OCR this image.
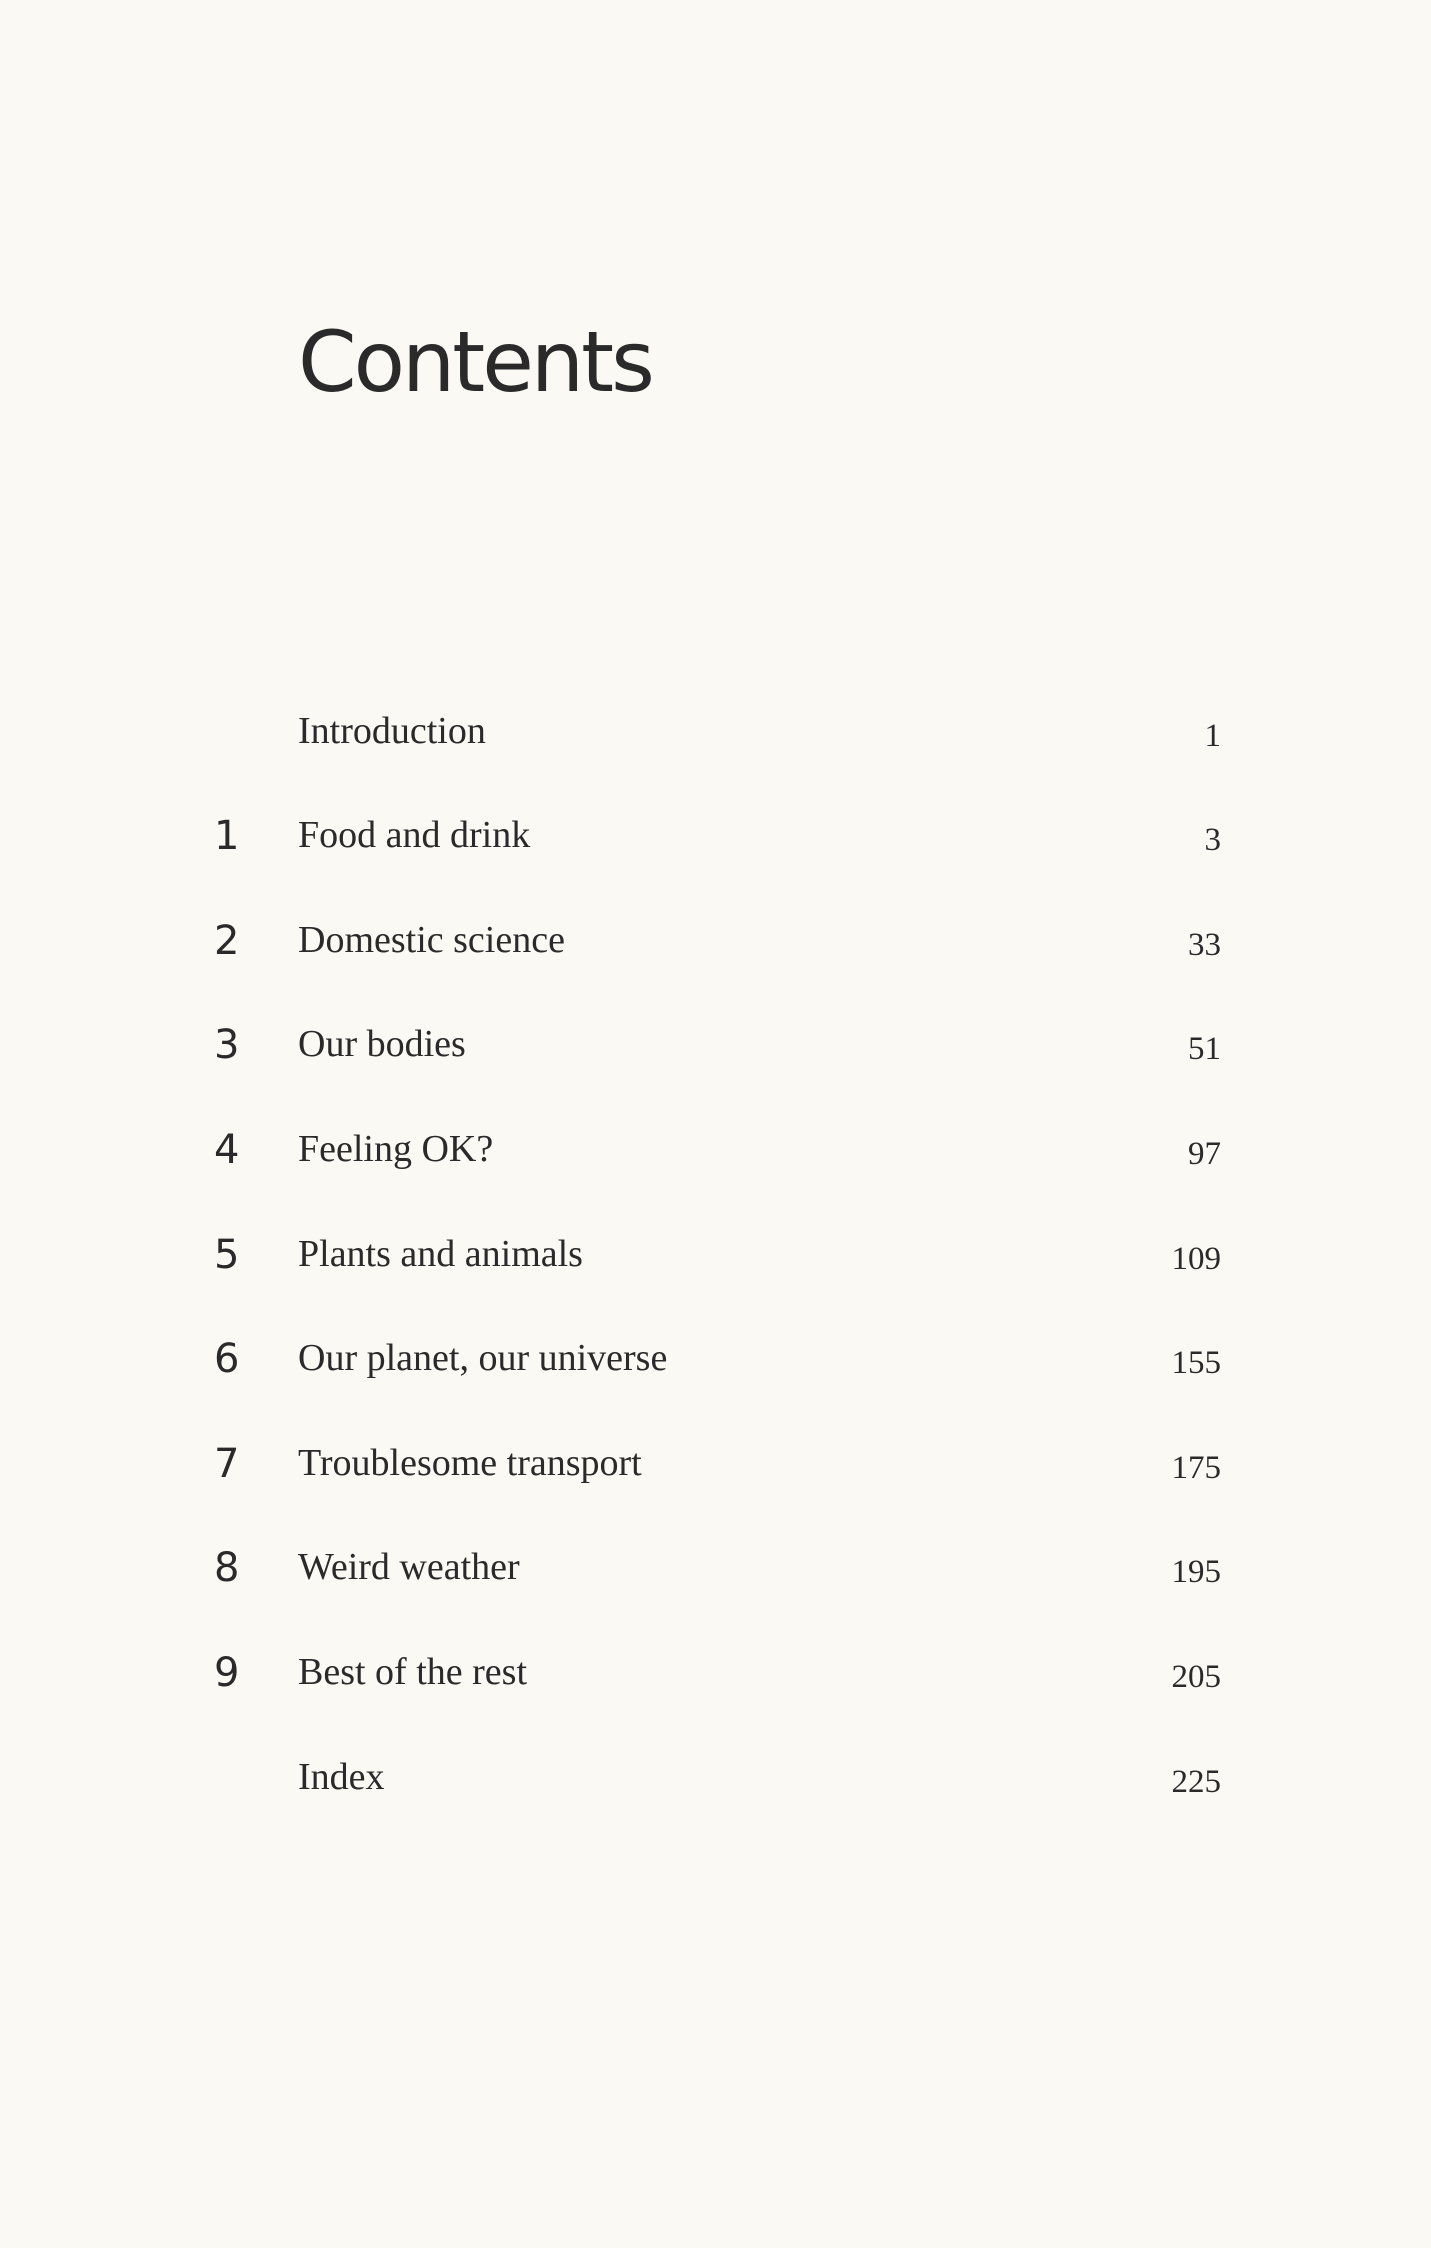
Contents
Introduction	1
1 Food and drink	3
2 Domestic science	33
3 Our bodies	51
4 Feeling OK?	97
5 Plants and animals	109
6 Our planet, our universe	155
7 Troublesome transport	175
8 Weird weather	195
9 Best of the rest	205
Index	225
